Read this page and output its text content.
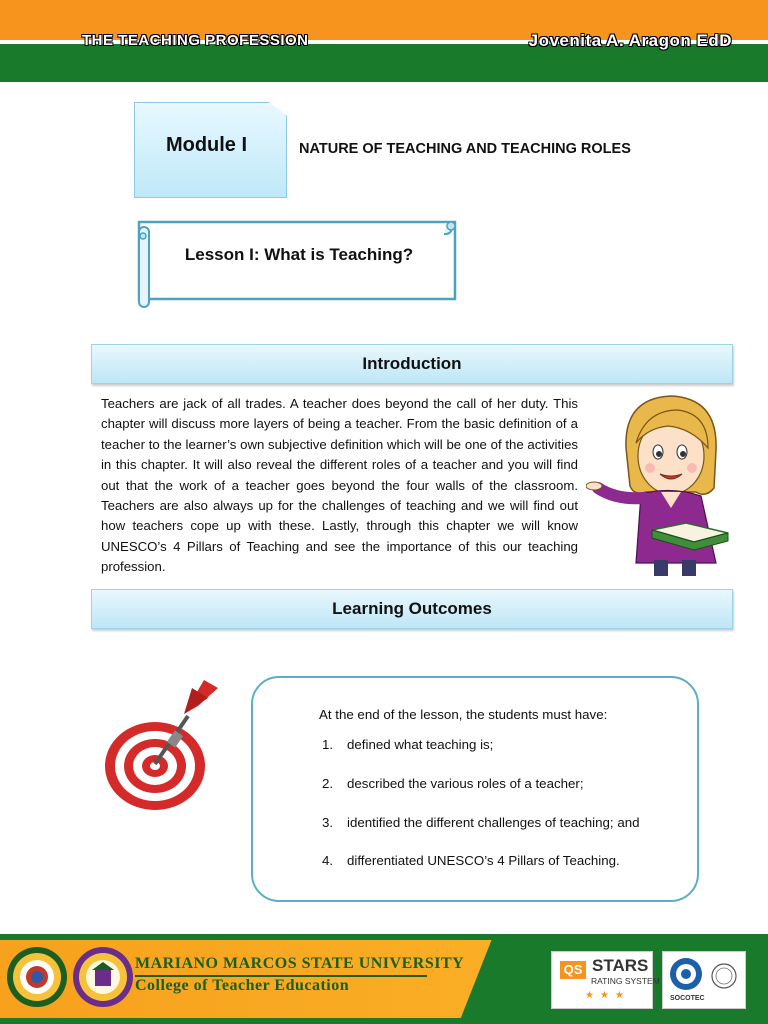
THE TEACHING PROFESSION	Jovenita A. Aragon EdD
Module I	NATURE OF TEACHING AND TEACHING ROLES
Lesson I: What is Teaching?
Introduction
Teachers are jack of all trades. A teacher does beyond the call of her duty. This chapter will discuss more layers of being a teacher. From the basic definition of a teacher to the learner’s own subjective definition which will be one of the activities in this chapter. It will also reveal the different roles of a teacher and you will find out that the work of a teacher goes beyond the four walls of the classroom. Teachers are also always up for the challenges of teaching and we will find out how teachers cope up with these. Lastly, through this chapter we will know UNESCO’s 4 Pillars of Teaching and see the importance of this our teaching profession.
Learning Outcomes
At the end of the lesson, the students must have:
1. defined what teaching is;
2. described the various roles of a teacher;
3. identified the different challenges of teaching; and
4. differentiated UNESCO’s 4 Pillars of Teaching.
MARIANO MARCOS STATE UNIVERSITY
College of Teacher Education
QS STARS
RATING SYSTEM
★★★	SOCOTEC
